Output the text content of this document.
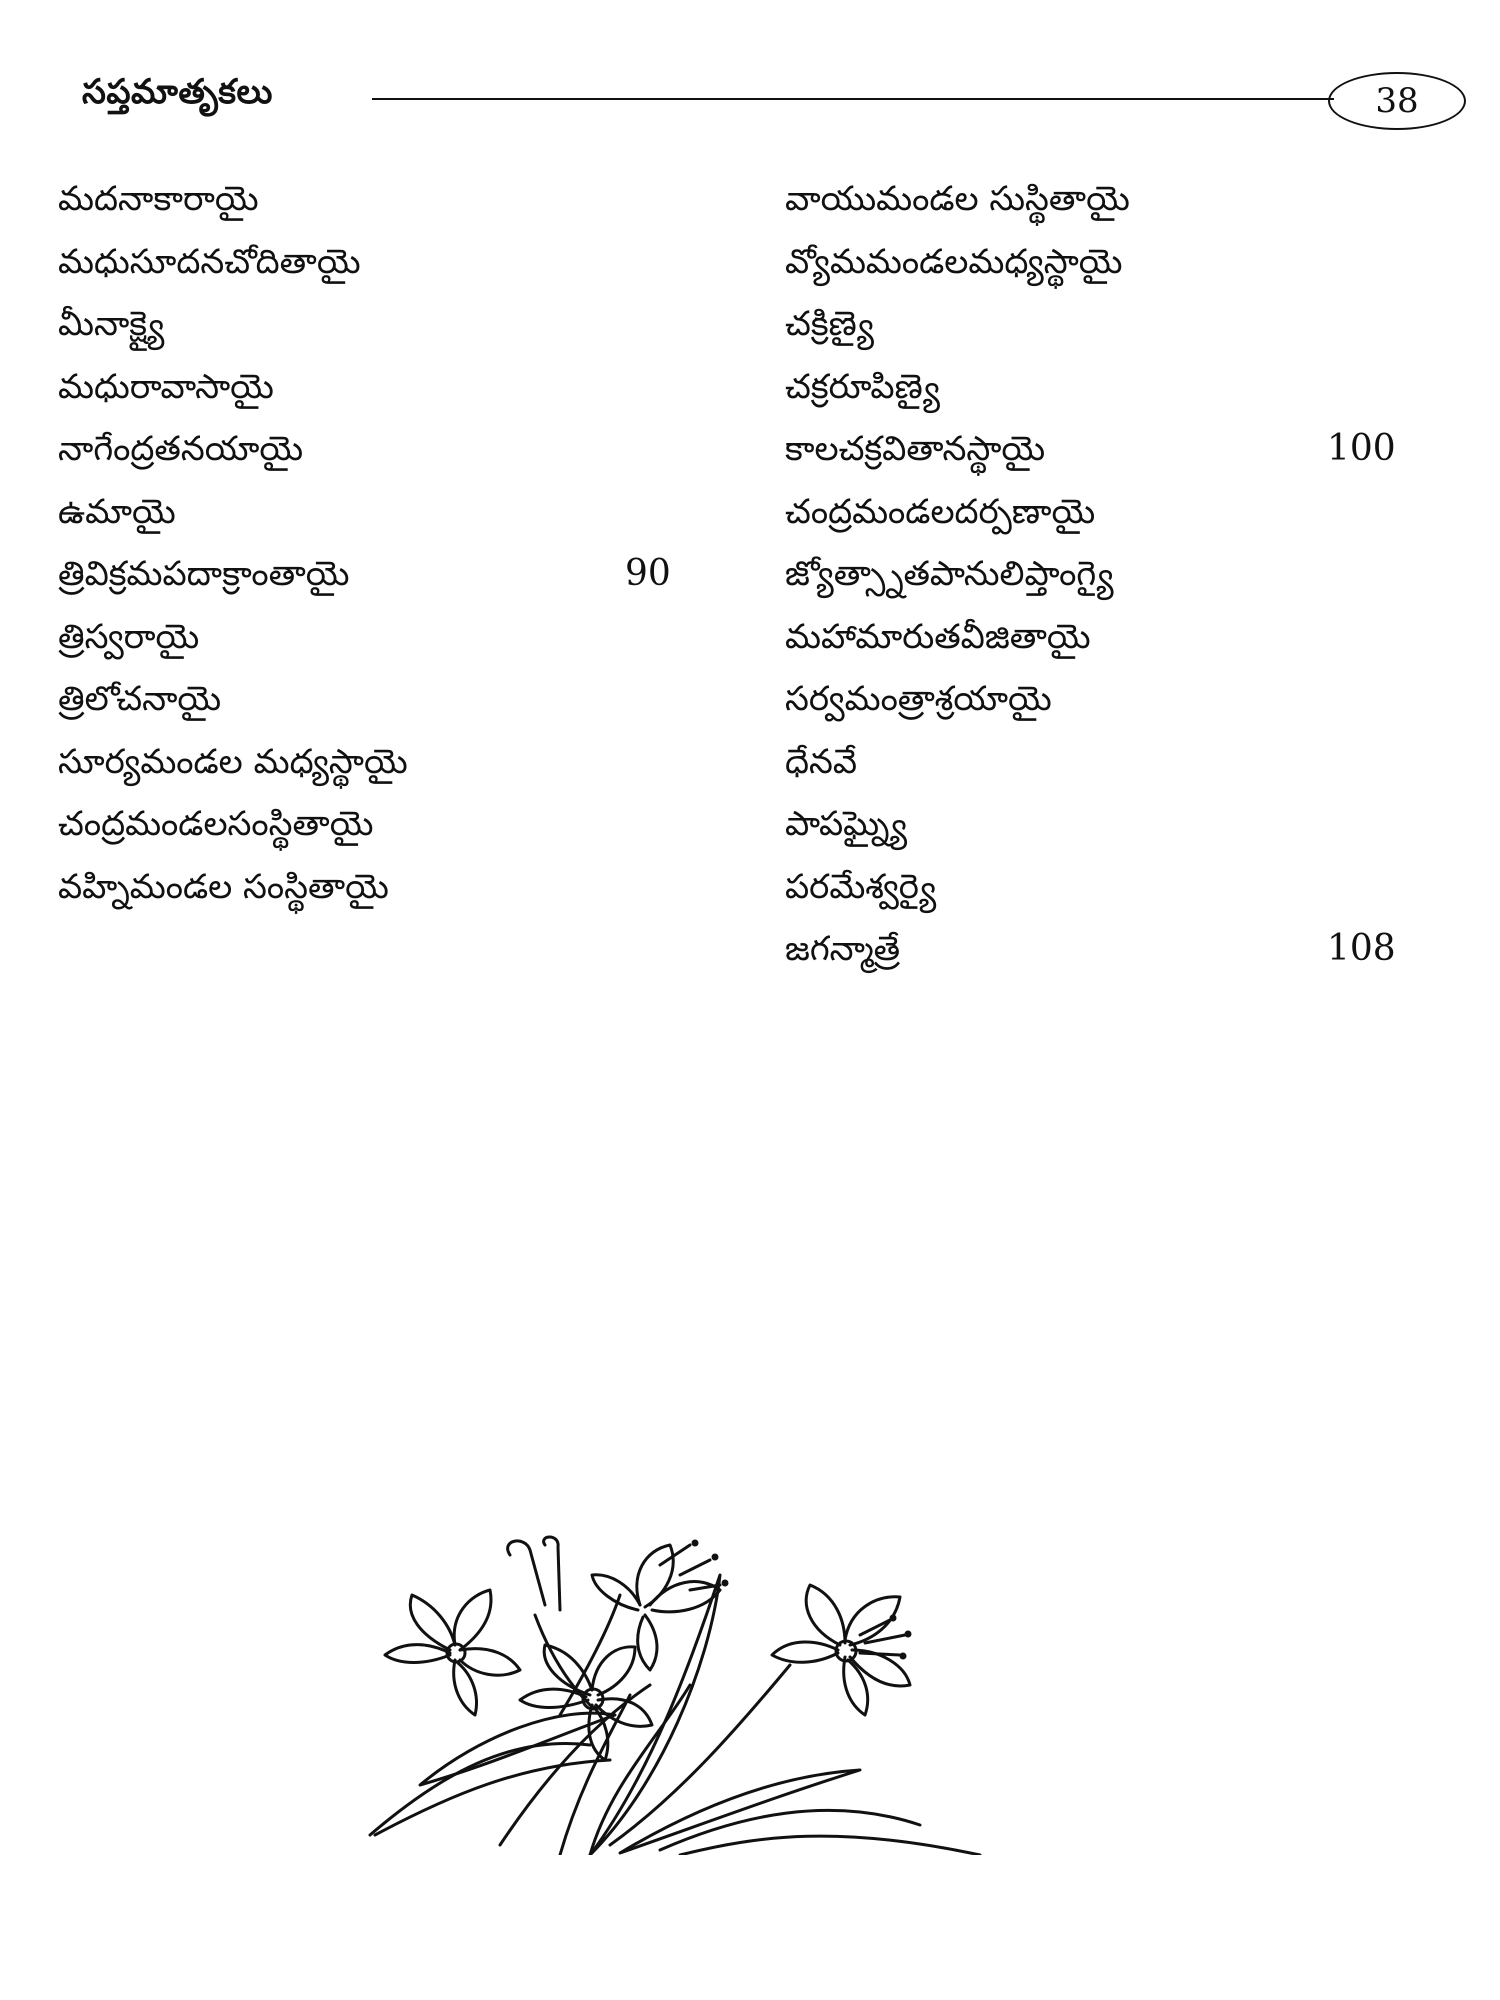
సప్తమాతృకలు	38
మదనాకారాయై
మధుసూదనచోదితాయై
మీనాక్ష్యై
మధురావాసాయై
నాగేంద్రతనయాయై
ఉమాయై
త్రివిక్రమపదాక్రాంతాయై	90
త్రిస్వరాయై
త్రిలోచనాయై
సూర్యమండల మధ్యస్థాయై
చంద్రమండలసంస్థితాయై
వహ్నిమండల సంస్థితాయై
వాయుమండల సుస్థితాయై
వ్యోమమండలమధ్యస్థాయై
చక్రిణ్యై
చక్రరూపిణ్యై
కాలచక్రవితానస్థాయై	100
చంద్రమండలదర్పణాయై
జ్యోత్స్నాతపానులిప్తాంగ్యై
మహామారుతవీజితాయై
సర్వమంత్రాశ్రయాయై
ధేనవే
పాపఘ్న్యై
పరమేశ్వర్యై
జగన్మాత్రే	108
